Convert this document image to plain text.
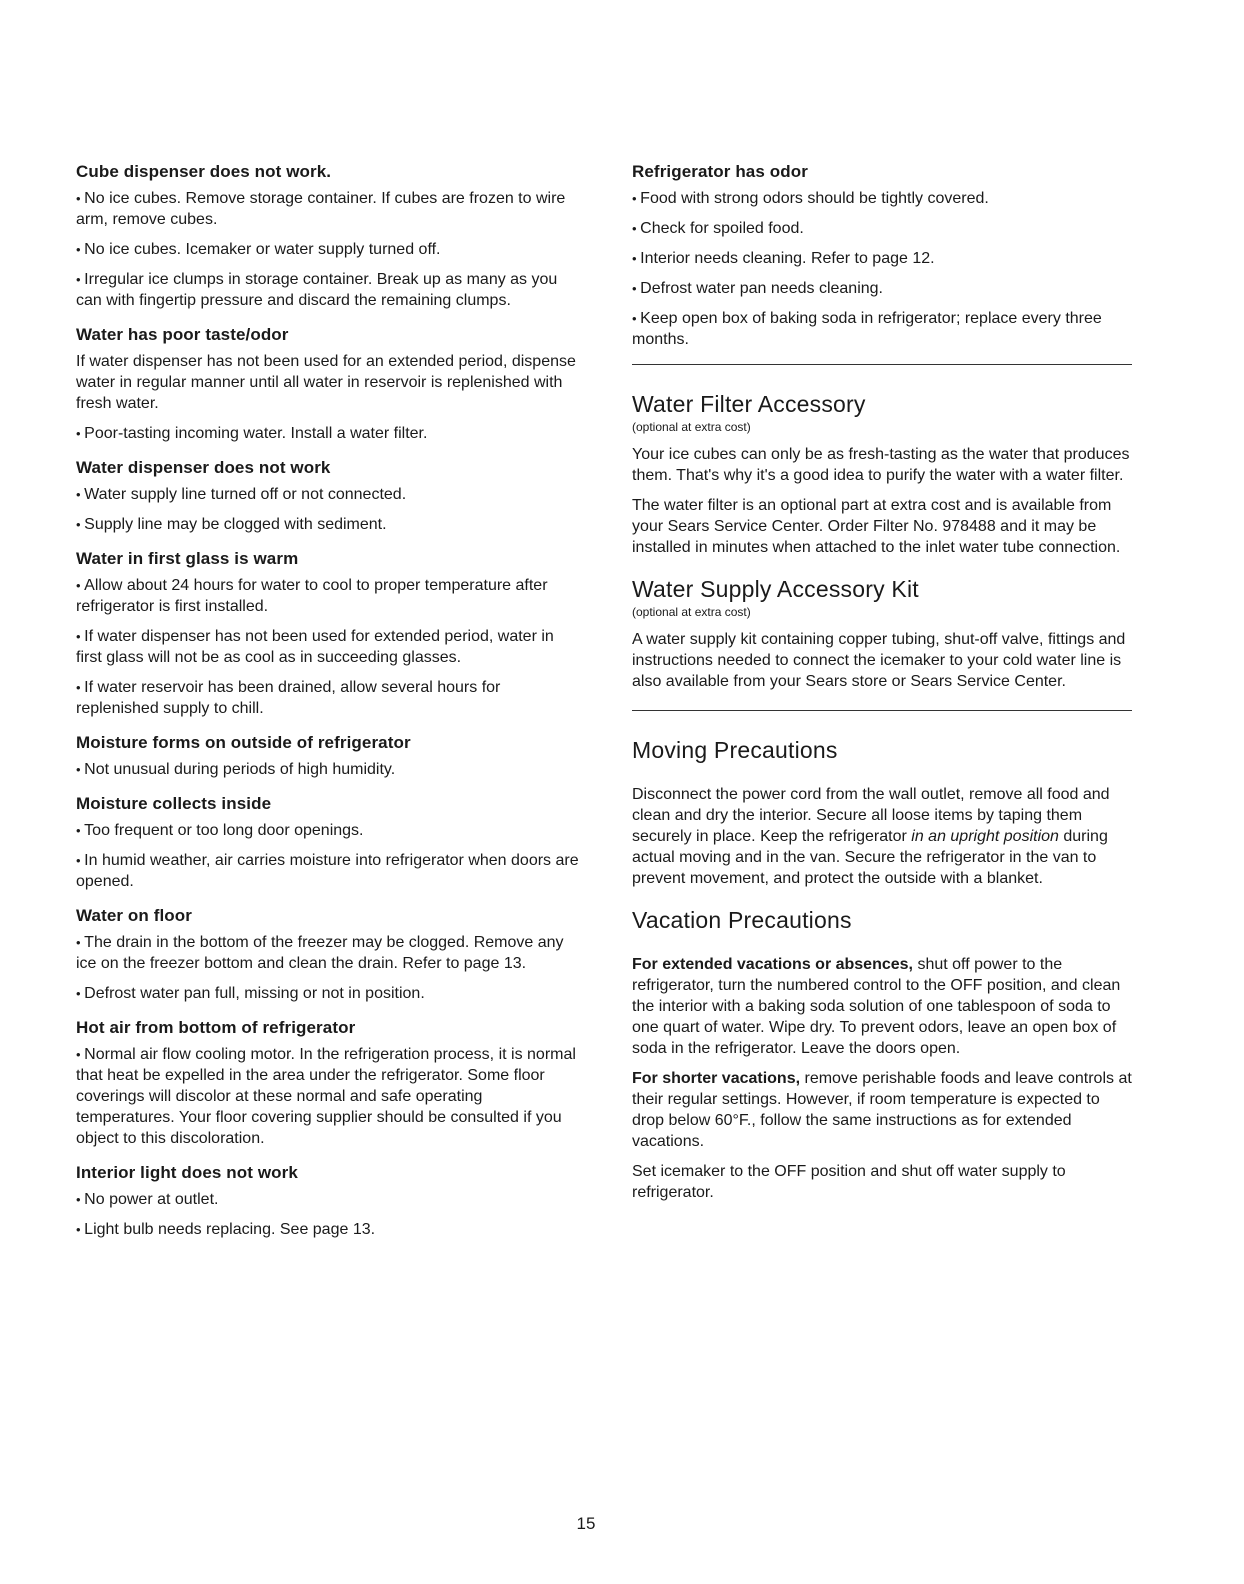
Cube dispenser does not work.

• No ice cubes. Remove storage container. If cubes are frozen to wire arm, remove cubes.

• No ice cubes. Icemaker or water supply turned off.

• Irregular ice clumps in storage container. Break up as many as you can with fingertip pressure and discard the remaining clumps.

Water has poor taste/odor

If water dispenser has not been used for an extended period, dispense water in regular manner until all water in reservoir is replenished with fresh water.

• Poor-tasting incoming water. Install a water filter.

Water dispenser does not work

• Water supply line turned off or not connected.

• Supply line may be clogged with sediment.

Water in first glass is warm

• Allow about 24 hours for water to cool to proper temperature after refrigerator is first installed.

• If water dispenser has not been used for extended period, water in first glass will not be as cool as in succeeding glasses.

• If water reservoir has been drained, allow several hours for replenished supply to chill.

Moisture forms on outside of refrigerator

• Not unusual during periods of high humidity.

Moisture collects inside

• Too frequent or too long door openings.

• In humid weather, air carries moisture into refrigerator when doors are opened.

Water on floor

• The drain in the bottom of the freezer may be clogged. Remove any ice on the freezer bottom and clean the drain. Refer to page 13.

• Defrost water pan full, missing or not in position.

Hot air from bottom of refrigerator

• Normal air flow cooling motor. In the refrigeration process, it is normal that heat be expelled in the area under the refrigerator. Some floor coverings will discolor at these normal and safe operating temperatures. Your floor covering supplier should be consulted if you object to this discoloration.

Interior light does not work

• No power at outlet.

• Light bulb needs replacing. See page 13.

Refrigerator has odor

• Food with strong odors should be tightly covered.

• Check for spoiled food.

• Interior needs cleaning. Refer to page 12.

• Defrost water pan needs cleaning.

• Keep open box of baking soda in refrigerator; replace every three months.

Water Filter Accessory
(optional at extra cost)

Your ice cubes can only be as fresh-tasting as the water that produces them. That's why it's a good idea to purify the water with a water filter.

The water filter is an optional part at extra cost and is available from your Sears Service Center. Order Filter No. 978488 and it may be installed in minutes when attached to the inlet water tube connection.

Water Supply Accessory Kit
(optional at extra cost)

A water supply kit containing copper tubing, shut-off valve, fittings and instructions needed to connect the icemaker to your cold water line is also available from your Sears store or Sears Service Center.

Moving Precautions

Disconnect the power cord from the wall outlet, remove all food and clean and dry the interior. Secure all loose items by taping them securely in place. Keep the refrigerator in an upright position during actual moving and in the van. Secure the refrigerator in the van to prevent movement, and protect the outside with a blanket.

Vacation Precautions

For extended vacations or absences, shut off power to the refrigerator, turn the numbered control to the OFF position, and clean the interior with a baking soda solution of one tablespoon of soda to one quart of water. Wipe dry. To prevent odors, leave an open box of soda in the refrigerator. Leave the doors open.

For shorter vacations, remove perishable foods and leave controls at their regular settings. However, if room temperature is expected to drop below 60°F., follow the same instructions as for extended vacations.

Set icemaker to the OFF position and shut off water supply to refrigerator.

15
